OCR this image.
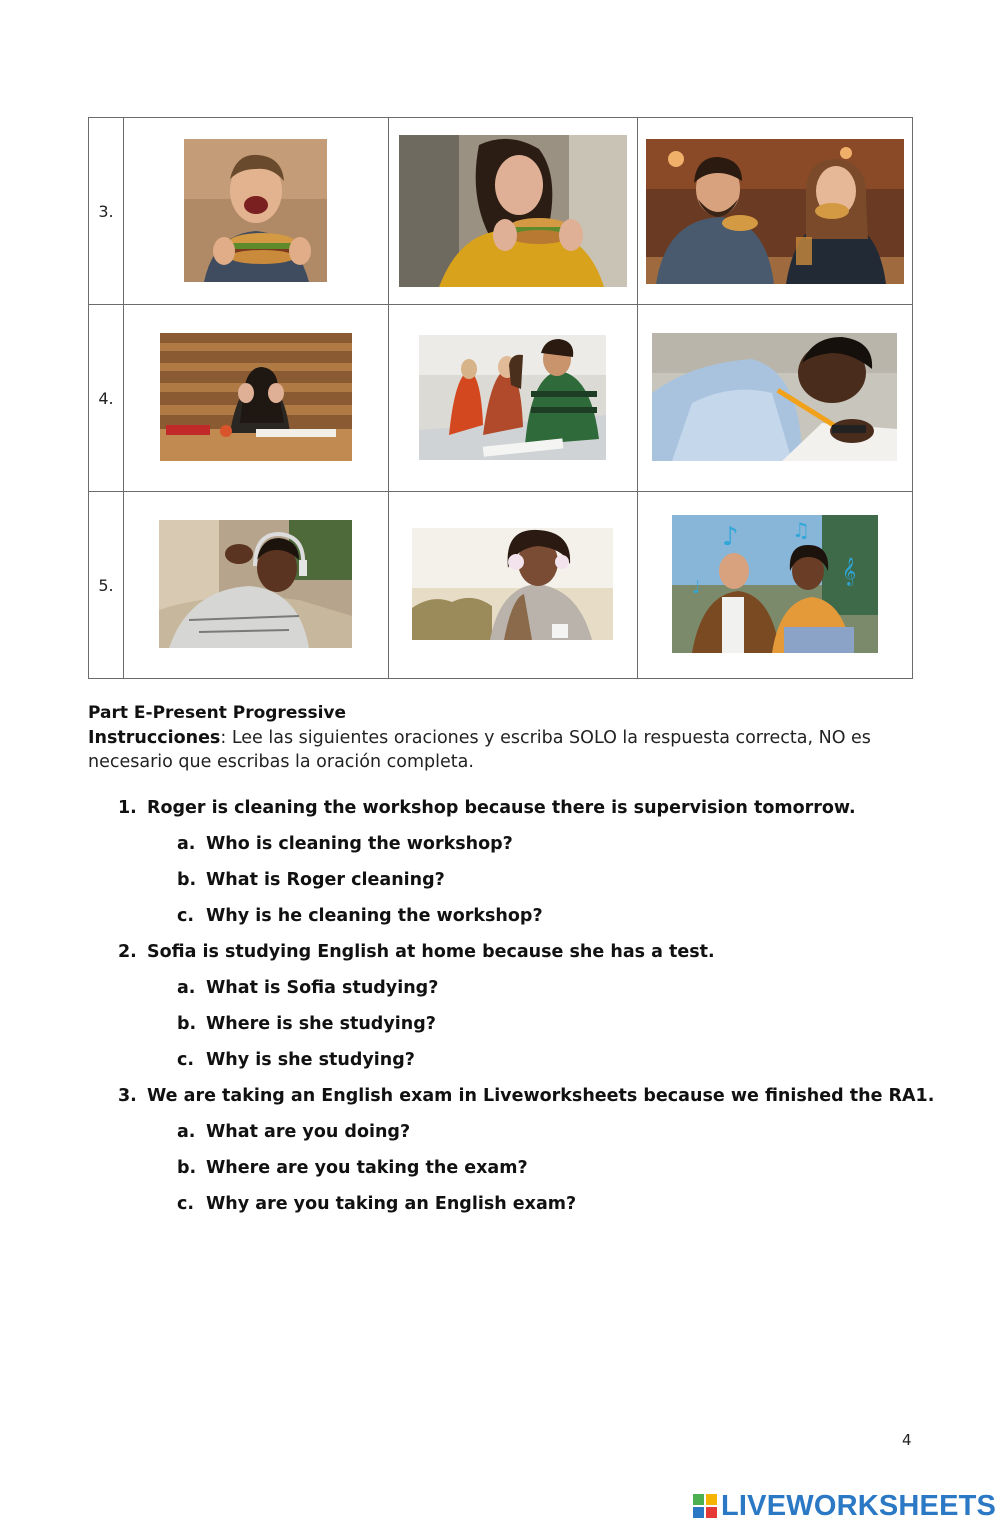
3.	

4.	

5.			♪ ♫
𝄞
♩
Part E-Present Progressive
Instrucciones: Lee las siguientes oraciones y escriba SOLO la respuesta correcta, NO es necesario que escribas la oración completa.
1. Roger is cleaning the workshop because there is supervision tomorrow.
a. Who is cleaning the workshop?
b. What is Roger cleaning?
c. Why is he cleaning the workshop?
2. Sofia is studying English at home because she has a test.
a. What is Sofia studying?
b. Where is she studying?
c. Why is she studying?
3. We are taking an English exam in Liveworksheets because we finished the RA1.
a. What are you doing?
b. Where are you taking the exam?
c. Why are you taking an English exam?
4
LIVEWORKSHEETS
